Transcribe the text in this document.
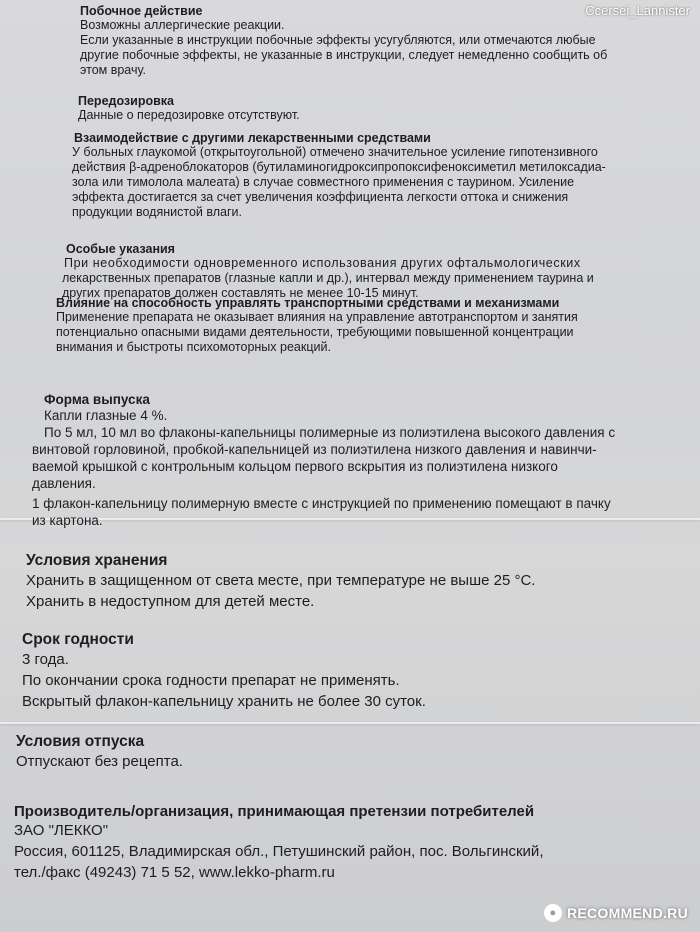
Ccersei_Lannister
Побочное действие
Возможны аллергические реакции.
Если указанные в инструкции побочные эффекты усугубляются, или отмечаются любые
другие побочные эффекты, не указанные в инструкции, следует немедленно сообщить об
этом врачу.
Передозировка
Данные о передозировке отсутствуют.
Взаимодействие с другими лекарственными средствами
У больных глаукомой (открытоугольной) отмечено значительное усиление гипотензивного
действия β-адреноблокаторов (бутиламиногидроксипропоксифеноксиметил метилоксадиа-
зола или тимолола малеата) в случае совместного применения с таурином. Усиление
эффекта достигается за счет увеличения коэффициента легкости оттока и снижения
продукции водянистой влаги.
Особые указания
При необходимости одновременного использования других офтальмологических
лекарственных препаратов (глазные капли и др.), интервал между применением таурина и
других препаратов должен составлять не менее 10-15 минут.
Влияние на способность управлять транспортными средствами и механизмами
Применение препарата не оказывает влияния на управление автотранспортом и занятия
потенциально опасными видами деятельности, требующими повышенной концентрации
внимания и быстроты психомоторных реакций.
Форма выпуска
Капли глазные 4 %.
По 5 мл, 10 мл во флаконы-капельницы полимерные из полиэтилена высокого давления с
винтовой горловиной, пробкой-капельницей из полиэтилена низкого давления и навинчи-
ваемой крышкой с контрольным кольцом первого вскрытия из полиэтилена низкого
давления.
1 флакон-капельницу полимерную вместе с инструкцией по применению помещают в пачку
из картона.
Условия хранения
Хранить в защищенном от света месте, при температуре не выше 25 °C.
Хранить в недоступном для детей месте.
Срок годности
3 года.
По окончании срока годности препарат не применять.
Вскрытый флакон-капельницу хранить не более 30 суток.
Условия отпуска
Отпускают без рецепта.
Производитель/организация, принимающая претензии потребителей
ЗАО "ЛЕККО"
Россия, 601125, Владимирская обл., Петушинский район, пос. Вольгинский,
тел./факс (49243) 71 5 52, www.lekko-pharm.ru
● RECOMMEND.RU
